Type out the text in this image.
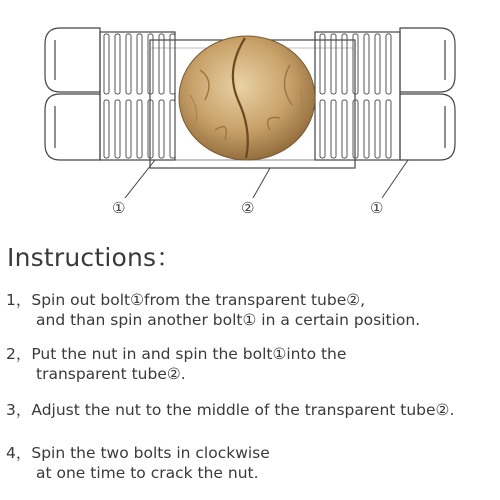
①	②	①
Instructions：
1，Spin out bolt①from the transparent tube②,
and than spin another bolt① in a certain position.
2，Put the nut in and spin the bolt①into the
transparent tube②.
3，Adjust the nut to the middle of the transparent tube②.
4，Spin the two bolts in clockwise
at one time to crack the nut.
